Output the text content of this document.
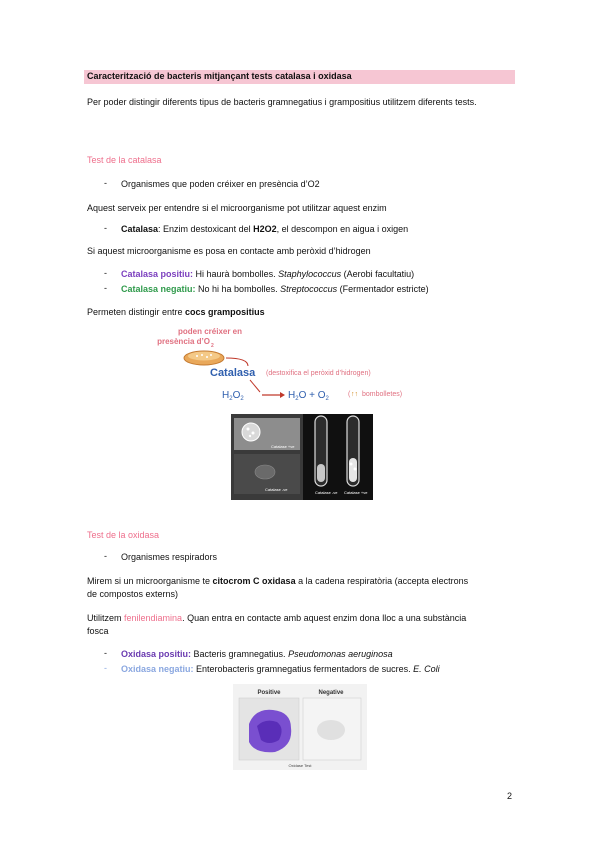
Caracterització de bacteris mitjançant tests catalasa i oxidasa
Per poder distingir diferents tipus de bacteris gramnegatius i grampositius utilitzem diferents tests.
Test de la catalasa
- Organismes que poden créixer en presència d’O2
Aquest serveix per entendre si el microorganisme pot utilitzar aquest enzim
- Catalasa: Enzim destoxicant del H2O2, el descompon en aigua i oxigen
Si aquest microorganisme es posa en contacte amb peròxid d’hidrogen
- Catalasa positiu: Hi haurà bombolles. Staphylococcus (Aerobi facultatiu)
- Catalasa negatiu: No hi ha bombolles. Streptococcus (Fermentador estricte)
Permeten distingir entre cocs grampositius
poden créixer en
presència d’O 2
Catalasa (destoxifica el peròxid d’hidrogen)
$H_2O_2$	$H_2O + O_2$
( ↑↑ bombolletes)
Catalase +ve
Catalase -ve
Catalase -ve Catalase +ve
Test de la oxidasa
- Organismes respiradors
Mirem si un microorganisme te citocrom C oxidasa a la cadena respiratòria (accepta electrons
de compostos externs)
Utilitzem fenilendiamina. Quan entra en contacte amb aquest enzim dona lloc a una substància
fosca
- Oxidasa positiu: Bacteris gramnegatius. Pseudomonas aeruginosa
- Oxidasa negatiu: Enterobacteris gramnegatius fermentadors de sucres. E. Coli
Positive	Negative
Oxidase Test
2
